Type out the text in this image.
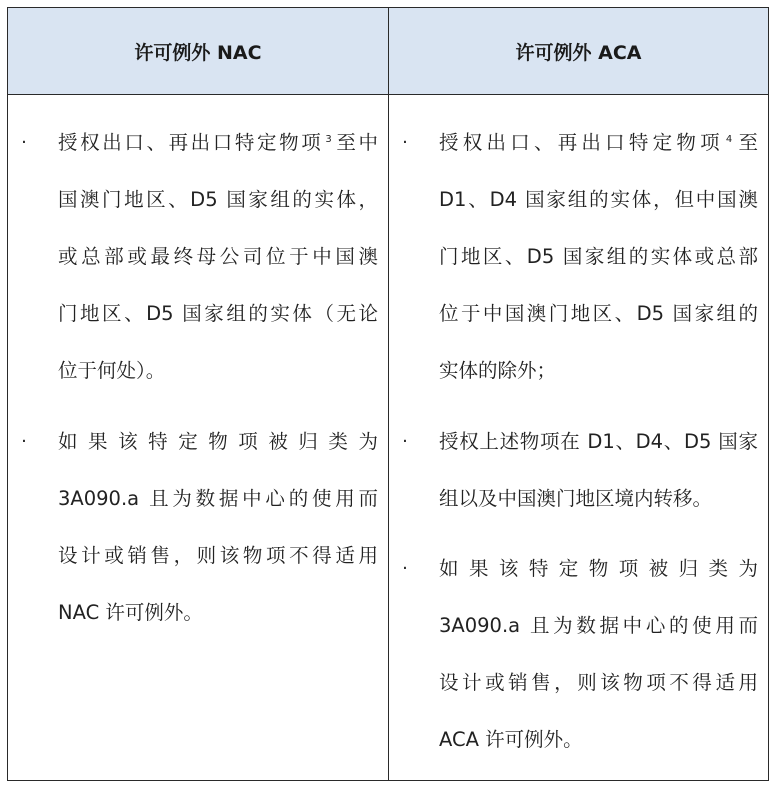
许可例外 NAC	许可例外 ACA
· 授权出口、再出口特定物项 $^3$ 至中
国澳门地区、D5 国家组的实体，
或总部或最终母公司位于中国澳
门地区、D5 国家组的实体（无论
位于何处）。
· 如果该特定物项被归类为
3A090.a 且为数据中心的使用而
设计或销售，则该物项不得适用
NAC 许可例外。
· 授权出口、再出口特定物项 $^4$ 至
D1、D4 国家组的实体，但中国澳
门地区、D5 国家组的实体或总部
位于中国澳门地区、D5 国家组的
实体的除外；
· 授权上述物项在 D1、D4、D5 国家
组以及中国澳门地区境内转移。
· 如果该特定物项被归类为
3A090.a 且为数据中心的使用而
设计或销售，则该物项不得适用
ACA 许可例外。
